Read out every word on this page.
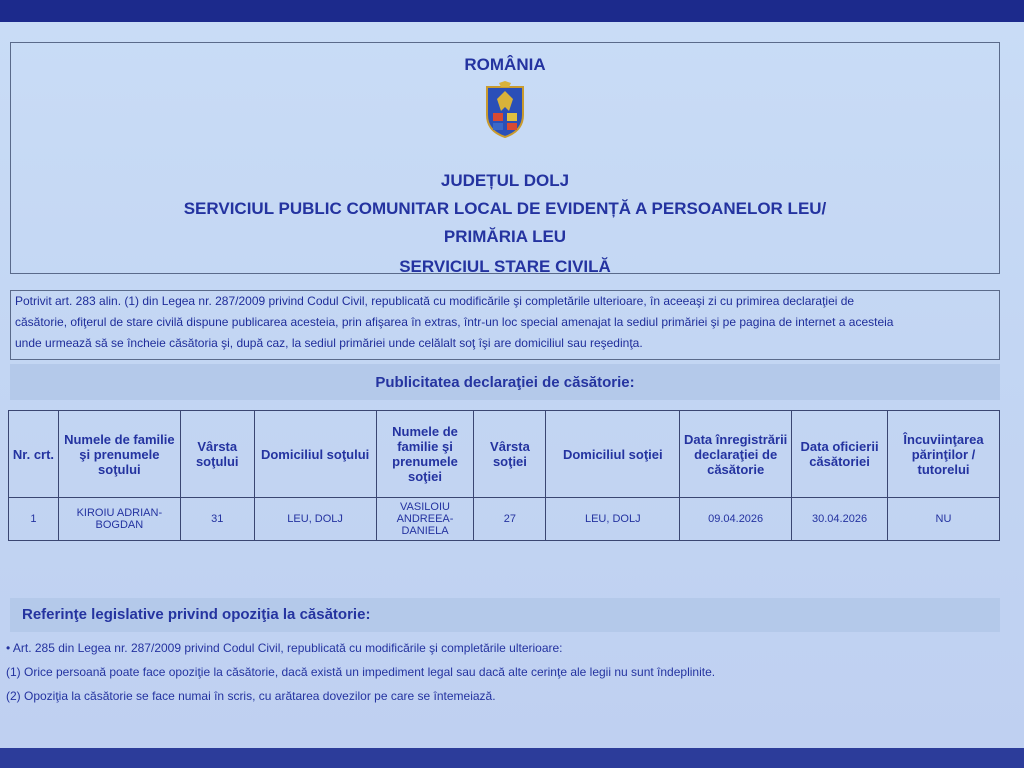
ROMÂNIA
JUDEȚUL DOLJ
SERVICIUL PUBLIC COMUNITAR LOCAL DE EVIDENȚĂ A PERSOANELOR LEU/
PRIMĂRIA LEU
SERVICIUL STARE CIVILĂ
Potrivit art. 283 alin. (1) din Legea nr. 287/2009 privind Codul Civil, republicată cu modificările şi completările ulterioare, în aceeaşi zi cu primirea declaraţiei de
căsătorie, ofiţerul de stare civilă dispune publicarea acesteia, prin afişarea în extras, într-un loc special amenajat la sediul primăriei şi pe pagina de internet a acesteia
unde urmează să se încheie căsătoria şi, după caz, la sediul primăriei unde celălalt soţ îşi are domiciliul sau reşedinţa.
Publicitatea declaraţiei de căsătorie:
Nr. crt.	Numele de familie şi prenumele soţului	Vârsta soţului	Domiciliul soţului	Numele de familie şi prenumele soţiei	Vârsta soţiei	Domiciliul soţiei	Data înregistrării declaraţiei de căsătorie	Data oficierii căsătoriei	Încuviinţarea părinţilor / tutorelui
1	KIROIU ADRIAN-BOGDAN	31	LEU, DOLJ	VASILOIU ANDREEA-DANIELA	27	LEU, DOLJ	09.04.2026	30.04.2026	NU
Referinţe legislative privind opoziţia la căsătorie:
• Art. 285 din Legea nr. 287/2009 privind Codul Civil, republicată cu modificările şi completările ulterioare:
(1) Orice persoană poate face opoziţie la căsătorie, dacă există un impediment legal sau dacă alte cerinţe ale legii nu sunt îndeplinite.
(2) Opoziţia la căsătorie se face numai în scris, cu arătarea dovezilor pe care se întemeiază.
